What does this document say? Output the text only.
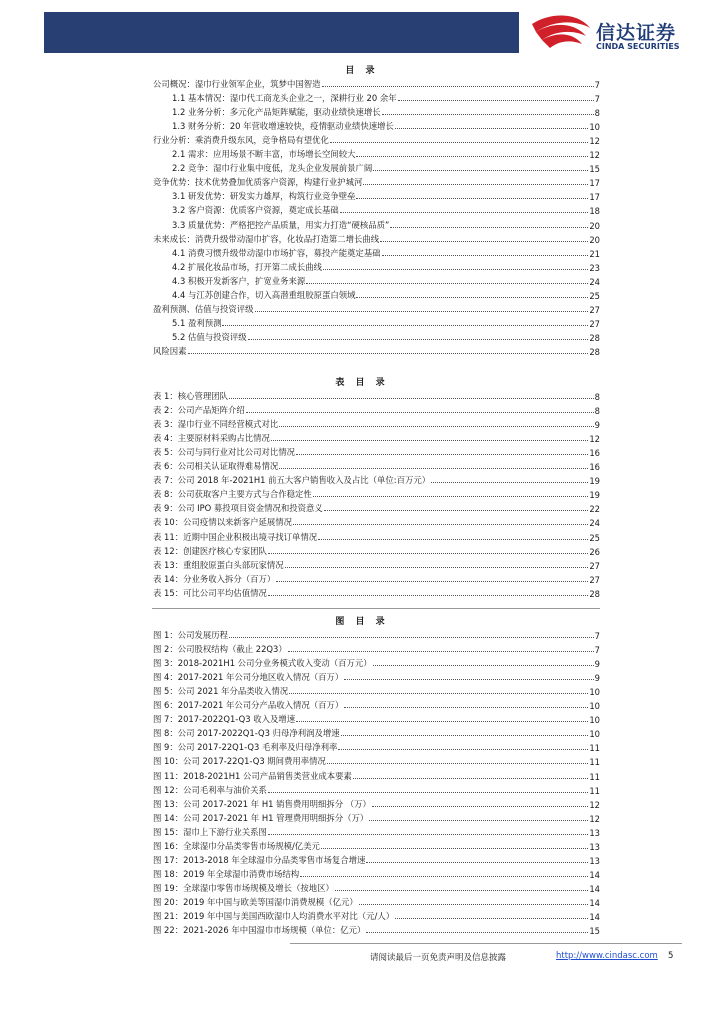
信达证券
CINDA SECURITIES
目 录
公司概况：湿巾行业领军企业，筑梦中国智造	7
1.1 基本情况：湿巾代工商龙头企业之一，深耕行业 20 余年	7
1.2 业务分析：多元化产品矩阵赋能，驱动业绩快速增长	8
1.3 财务分析：20 年营收增速较快，疫情驱动业绩快速增长	10
行业分析：乘消费升级东风，竞争格局有望优化	12
2.1 需求：应用场景不断丰富，市场增长空间较大	12
2.2 竞争：湿巾行业集中度低，龙头企业发展前景广阔	15
竞争优势：技术优势叠加优质客户资源，构建行业护城河	17
3.1 研发优势：研发实力雄厚，构筑行业竞争壁垒	17
3.2 客户资源：优质客户资源，奠定成长基础	18
3.3 质量优势：严格把控产品质量，用实力打造“硬核品质”	20
未来成长：消费升级带动湿巾扩容，化妆品打造第二增长曲线	20
4.1 消费习惯升级带动湿巾市场扩容，募投产能奠定基础	21
4.2 扩展化妆品市场，打开第二成长曲线	23
4.3 积极开发新客户，扩宽业务来源	24
4.4 与江苏创建合作，切入高潜重组胶原蛋白领域	25
盈利预测、估值与投资评级	27
5.1 盈利预测	27
5.2 估值与投资评级	28
风险因素	28
表 目 录
表 1：核心管理团队	8
表 2：公司产品矩阵介绍	8
表 3：湿巾行业不同经营模式对比	9
表 4：主要原材料采购占比情况	12
表 5：公司与同行业对比公司对比情况	16
表 6：公司相关认证取得难易情况	16
表 7：公司 2018 年-2021H1 前五大客户销售收入及占比（单位:百万元）	19
表 8：公司获取客户主要方式与合作稳定性	19
表 9：公司 IPO 募投项目资金情况和投资意义	22
表 10：公司疫情以来新客户延展情况	24
表 11：近期中国企业积极出境寻找订单情况	25
表 12：创建医疗核心专家团队	26
表 13：重组胶原蛋白头部玩家情况	27
表 14：分业务收入拆分（百万）	27
表 15：可比公司平均估值情况	28
图 目 录
图 1：公司发展历程	7
图 2：公司股权结构（截止 22Q3）	7
图 3：2018-2021H1 公司分业务模式收入变动（百万元）	9
图 4：2017-2021 年公司分地区收入情况（百万）	9
图 5：公司 2021 年分品类收入情况	10
图 6：2017-2021 年公司分产品收入情况（百万）	10
图 7：2017-2022Q1-Q3 收入及增速	10
图 8：公司 2017-2022Q1-Q3 归母净利润及增速	10
图 9：公司 2017-22Q1-Q3 毛利率及归母净利率	11
图 10：公司 2017-22Q1-Q3 期间费用率情况	11
图 11：2018-2021H1 公司产品销售类营业成本要素	11
图 12：公司毛利率与油价关系	11
图 13：公司 2017-2021 年 H1 销售费用明细拆分 （万）	12
图 14：公司 2017-2021 年 H1 管理费用明细拆分（万）	12
图 15：湿巾上下游行业关系图	13
图 16：全球湿巾分品类零售市场规模/亿美元	13
图 17：2013-2018 年全球湿巾分品类零售市场复合增速	13
图 18：2019 年全球湿巾消费市场结构	14
图 19：全球湿巾零售市场规模及增长（按地区）	14
图 20：2019 年中国与欧美等国湿巾消费规模（亿元）	14
图 21：2019 年中国与美国西欧湿巾人均消费水平对比（元/人）	14
图 22：2021-2026 年中国湿巾市场规模（单位：亿元）	15
请阅读最后一页免责声明及信息披露	http://www.cindasc.com 5
